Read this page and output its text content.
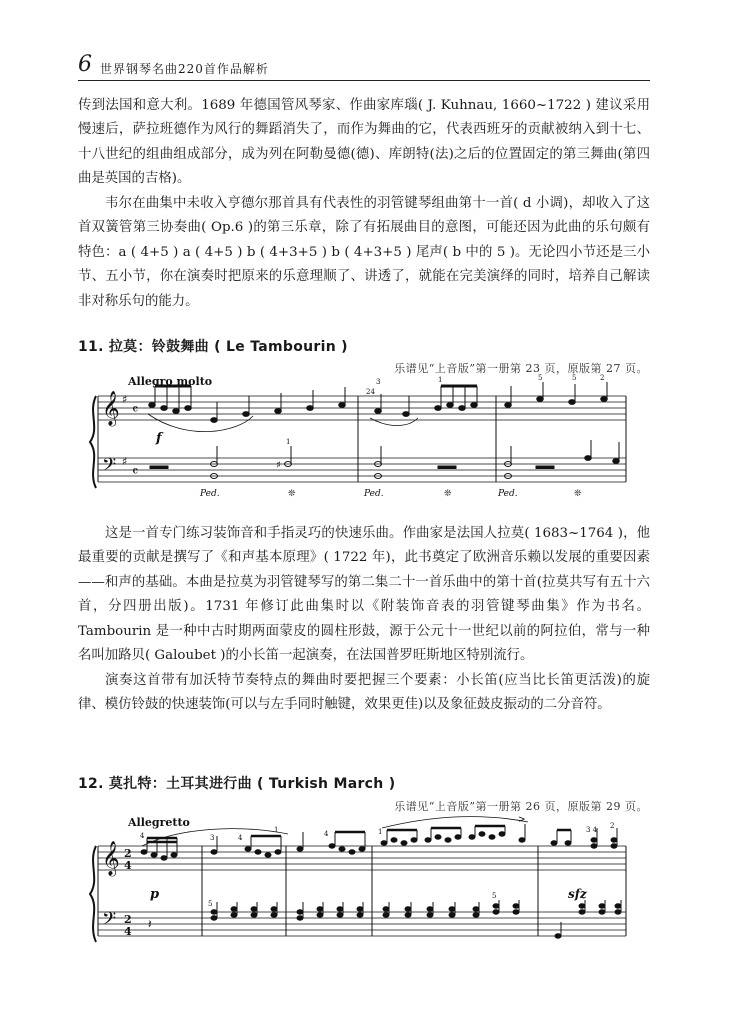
6 世界钢琴名曲220首作品解析

传到法国和意大利。1689 年德国管风琴家、作曲家库瑙( J. Kuhnau, 1660~1722 ) 建议采用慢速后，萨拉班德作为风行的舞蹈消失了，而作为舞曲的它，代表西班牙的贡献被纳入到十七、十八世纪的组曲组成部分，成为列在阿勒曼德(德)、库朗特(法)之后的位置固定的第三舞曲(第四曲是英国的吉格)。

韦尔在曲集中未收入亨德尔那首具有代表性的羽管键琴组曲第十一首( d 小调)，却收入了这首双簧管第三协奏曲( Op.6 )的第三乐章，除了有拓展曲目的意图，可能还因为此曲的乐句颇有特色：a ( 4+5 ) a ( 4+5 ) b ( 4+3+5 ) b ( 4+3+5 ) 尾声( b 中的 5 )。无论四小节还是三小节、五小节，你在演奏时把原来的乐意理顺了、讲透了，就能在完美演绎的同时，培养自己解读非对称乐句的能力。

11. 拉莫：铃鼓舞曲 ( Le Tambourin )
乐谱见“上音版”第一册第 23 页，原版第 27 页。
Allegro molto
𝄞
𝄢
♯
♯
𝄴
𝄴
f
24
3	1	5	5	2
♯
1
Ped.	❊	Ped.	❊	Ped.	❊

这是一首专门练习装饰音和手指灵巧的快速乐曲。作曲家是法国人拉莫( 1683~1764 )，他最重要的贡献是撰写了《和声基本原理》( 1722 年)，此书奠定了欧洲音乐赖以发展的重要因素——和声的基础。本曲是拉莫为羽管键琴写的第二集二十一首乐曲中的第十首(拉莫共写有五十六首，分四册出版)。1731 年修订此曲集时以《附装饰音表的羽管键琴曲集》作为书名。Tambourin 是一种中古时期两面蒙皮的圆柱形鼓，源于公元十一世纪以前的阿拉伯，常与一种名叫加路贝( Galoubet )的小长笛一起演奏，在法国普罗旺斯地区特别流行。

演奏这首带有加沃特节奏特点的舞曲时要把握三个要素：小长笛(应当比长笛更活泼)的旋律、模仿铃鼓的快速装饰(可以与左手同时触键，效果更佳)以及象征鼓皮振动的二分音符。

12. 莫扎特：土耳其进行曲 ( Turkish March )
乐谱见“上音版”第一册第 26 页，原版第 29 页。
Allegretto
𝄞
𝄢
2
4
2
4
4	3	4
1	4	1
>
3 4 2
p	sfz
𝄽
5
5
